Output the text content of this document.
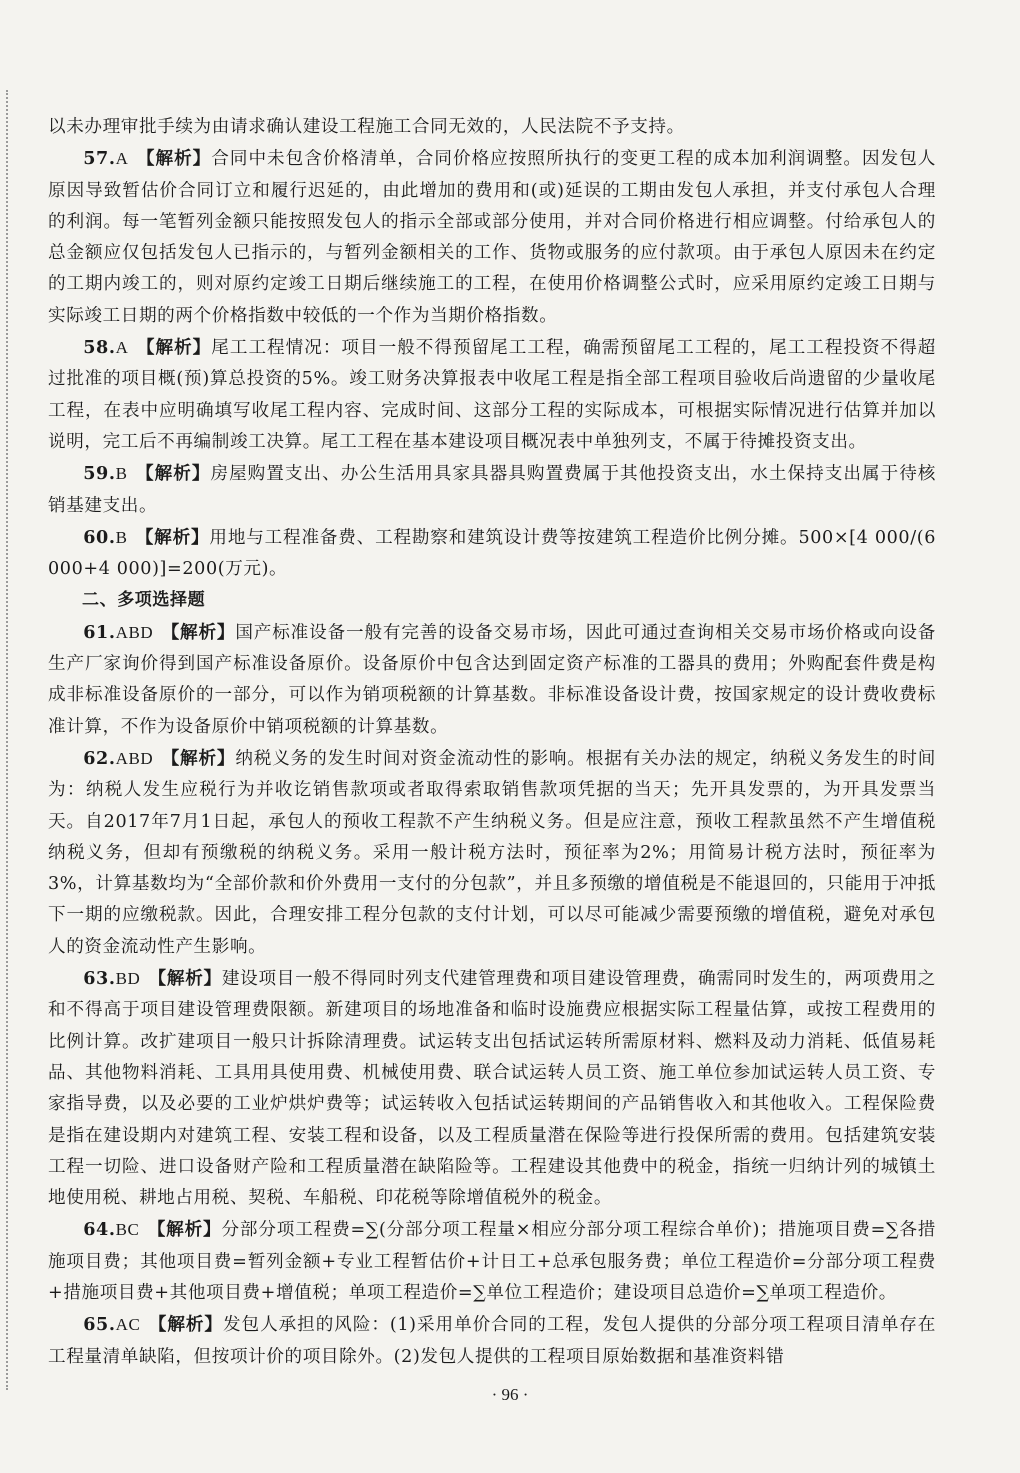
以未办理审批手续为由请求确认建设工程施工合同无效的，人民法院不予支持。

57.A 【解析】合同中未包含价格清单，合同价格应按照所执行的变更工程的成本加利润调整。因发包人原因导致暂估价合同订立和履行迟延的，由此增加的费用和(或)延误的工期由发包人承担，并支付承包人合理的利润。每一笔暂列金额只能按照发包人的指示全部或部分使用，并对合同价格进行相应调整。付给承包人的总金额应仅包括发包人已指示的，与暂列金额相关的工作、货物或服务的应付款项。由于承包人原因未在约定的工期内竣工的，则对原约定竣工日期后继续施工的工程，在使用价格调整公式时，应采用原约定竣工日期与实际竣工日期的两个价格指数中较低的一个作为当期价格指数。

58.A 【解析】尾工工程情况：项目一般不得预留尾工工程，确需预留尾工工程的，尾工工程投资不得超过批准的项目概(预)算总投资的5%。竣工财务决算报表中收尾工程是指全部工程项目验收后尚遗留的少量收尾工程，在表中应明确填写收尾工程内容、完成时间、这部分工程的实际成本，可根据实际情况进行估算并加以说明，完工后不再编制竣工决算。尾工工程在基本建设项目概况表中单独列支，不属于待摊投资支出。

59.B 【解析】房屋购置支出、办公生活用具家具器具购置费属于其他投资支出，水土保持支出属于待核销基建支出。

60.B 【解析】用地与工程准备费、工程勘察和建筑设计费等按建筑工程造价比例分摊。500×[4 000/(6 000+4 000)]=200(万元)。

二、多项选择题

61.ABD 【解析】国产标准设备一般有完善的设备交易市场，因此可通过查询相关交易市场价格或向设备生产厂家询价得到国产标准设备原价。设备原价中包含达到固定资产标准的工器具的费用；外购配套件费是构成非标准设备原价的一部分，可以作为销项税额的计算基数。非标准设备设计费，按国家规定的设计费收费标准计算，不作为设备原价中销项税额的计算基数。

62.ABD 【解析】纳税义务的发生时间对资金流动性的影响。根据有关办法的规定，纳税义务发生的时间为：纳税人发生应税行为并收讫销售款项或者取得索取销售款项凭据的当天；先开具发票的，为开具发票当天。自2017年7月1日起，承包人的预收工程款不产生纳税义务。但是应注意，预收工程款虽然不产生增值税纳税义务，但却有预缴税的纳税义务。采用一般计税方法时，预征率为2%；用简易计税方法时，预征率为3%，计算基数均为“全部价款和价外费用一支付的分包款”，并且多预缴的增值税是不能退回的，只能用于冲抵下一期的应缴税款。因此，合理安排工程分包款的支付计划，可以尽可能减少需要预缴的增值税，避免对承包人的资金流动性产生影响。

63.BD 【解析】建设项目一般不得同时列支代建管理费和项目建设管理费，确需同时发生的，两项费用之和不得高于项目建设管理费限额。新建项目的场地准备和临时设施费应根据实际工程量估算，或按工程费用的比例计算。改扩建项目一般只计拆除清理费。试运转支出包括试运转所需原材料、燃料及动力消耗、低值易耗品、其他物料消耗、工具用具使用费、机械使用费、联合试运转人员工资、施工单位参加试运转人员工资、专家指导费，以及必要的工业炉烘炉费等；试运转收入包括试运转期间的产品销售收入和其他收入。工程保险费是指在建设期内对建筑工程、安装工程和设备，以及工程质量潜在保险等进行投保所需的费用。包括建筑安装工程一切险、进口设备财产险和工程质量潜在缺陷险等。工程建设其他费中的税金，指统一归纳计列的城镇土地使用税、耕地占用税、契税、车船税、印花税等除增值税外的税金。

64.BC 【解析】分部分项工程费=∑(分部分项工程量×相应分部分项工程综合单价)；措施项目费=∑各措施项目费；其他项目费=暂列金额+专业工程暂估价+计日工+总承包服务费；单位工程造价=分部分项工程费+措施项目费+其他项目费+增值税；单项工程造价=∑单位工程造价；建设项目总造价=∑单项工程造价。

65.AC 【解析】发包人承担的风险：(1)采用单价合同的工程，发包人提供的分部分项工程项目清单存在工程量清单缺陷，但按项计价的项目除外。(2)发包人提供的工程项目原始数据和基准资料错

· 96 ·
